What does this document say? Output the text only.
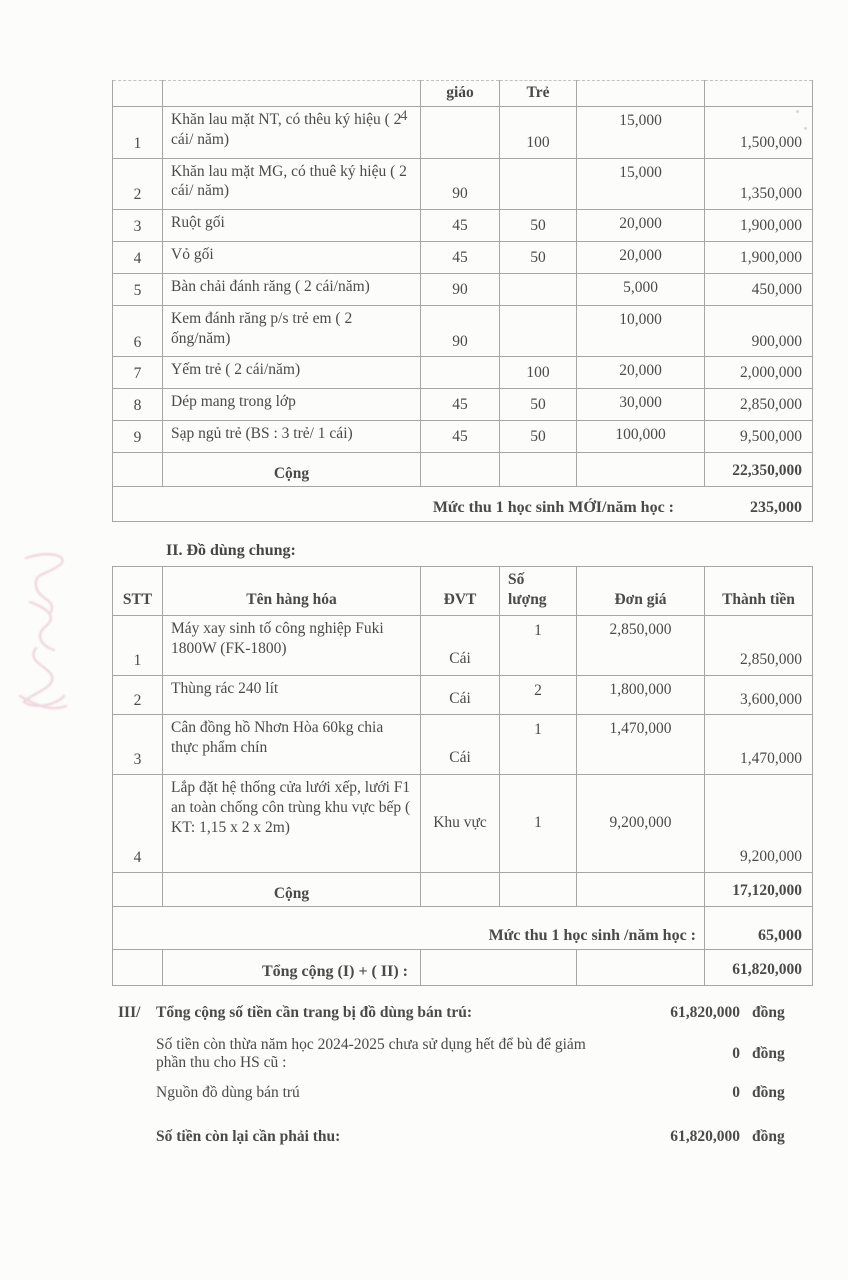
4
		giáo	Trẻ		
1	Khăn lau mặt NT, có thêu ký hiệu ( 2 cái/ năm)		100	15,000	1,500,000
2	Khăn lau mặt MG, có thuê ký hiệu ( 2 cái/ năm)	90		15,000	1,350,000
3	Ruột gối	45	50	20,000	1,900,000
4	Vỏ gối	45	50	20,000	1,900,000
5	Bàn chải đánh răng ( 2 cái/năm)	90		5,000	450,000
6	Kem đánh răng p/s trẻ em ( 2 ống/năm)	90		10,000	900,000
7	Yếm trẻ ( 2 cái/năm)		100	20,000	2,000,000
8	Dép mang trong lớp	45	50	30,000	2,850,000
9	Sạp ngủ trẻ (BS : 3 trẻ/ 1 cái)	45	50	100,000	9,500,000
	Cộng				22,350,000

Mức thu 1 học sinh MỚI/năm học : 235,000					
II. Đồ dùng chung:
STT	Tên hàng hóa	ĐVT	Số lượng	Đơn giá	Thành tiền
1	Máy xay sinh tố công nghiệp Fuki 1800W (FK-1800)	Cái	1	2,850,000	2,850,000
2	Thùng rác 240 lít	Cái	2	1,800,000	3,600,000
3	Cân đồng hồ Nhơn Hòa 60kg chia thực phẩm chín	Cái	1	1,470,000	1,470,000
4	Lắp đặt hệ thống cửa lưới xếp, lưới F1 an toàn chống côn trùng khu vực bếp ( KT: 1,15 x 2 x 2m)	Khu vực	1	9,200,000	9,200,000
	Cộng				17,120,000
Mức thu 1 học sinh /năm học :					65,000
	Tổng cộng (I) + ( II) :				61,820,000
III/	Tổng cộng số tiền cần trang bị đồ dùng bán trú:	61,820,000 đồng
Số tiền còn thừa năm học 2024-2025 chưa sử dụng hết để bù để giảm phần thu cho HS cũ :
0 đồng
Nguồn đồ dùng bán trú	0 đồng
Số tiền còn lại cần phải thu:	61,820,000 đồng
